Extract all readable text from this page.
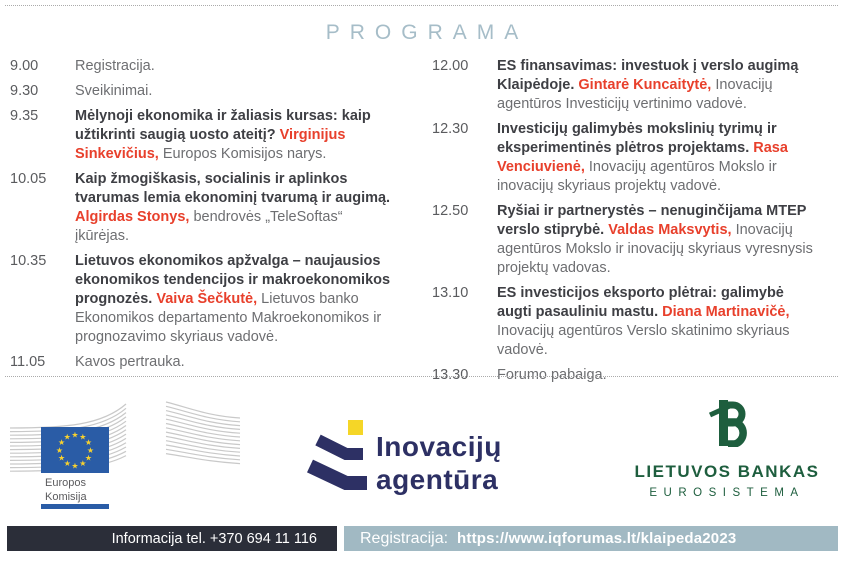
PROGRAMA
9.00	Registracija.
9.30	Sveikinimai.
9.35	Mėlynoji ekonomika ir žaliasis kursas: kaip užtikrinti saugią uosto ateitį? Virginijus Sinkevičius, Europos Komisijos narys.
10.05	Kaip žmogiškasis, socialinis ir aplinkos tvarumas lemia ekonominį tvarumą ir augimą. Algirdas Stonys, bendrovės „TeleSoftas“ įkūrėjas.
10.35	Lietuvos ekonomikos apžvalga – naujausios ekonomikos tendencijos ir makroekonomikos prognozės. Vaiva Šečkutė, Lietuvos banko Ekonomikos departamento Makroekonomikos ir prognozavimo skyriaus vadovė.
11.05	Kavos pertrauka.
12.00	ES finansavimas: investuok į verslo augimą Klaipėdoje. Gintarė Kuncaitytė, Inovacijų agentūros Investicijų vertinimo vadovė.
12.30	Investicijų galimybės mokslinių tyrimų ir eksperimentinės plėtros projektams. Rasa Venciuvienė, Inovacijų agentūros Mokslo ir inovacijų skyriaus projektų vadovė.
12.50	Ryšiai ir partnerystės – nenuginčijama MTEP verslo stiprybė. Valdas Maksvytis, Inovacijų agentūros Mokslo ir inovacijų skyriaus vyresnysis projektų vadovas.
13.10	ES investicijos eksporto plėtrai: galimybė augti pasauliniu mastu. Diana Martinavičė, Inovacijų agentūros Verslo skatinimo skyriaus vadovė.
13.30	Forumo pabaiga.
★ ★
★
★
★
★
★
★
★
★
★
★
Europos
Komisija
Inovacijų
agentūra	LIETUVOS BANKAS
EUROSISTEMA
Informacija tel. +370 694 11 116	Registracija: https://www.iqforumas.lt/klaipeda2023
